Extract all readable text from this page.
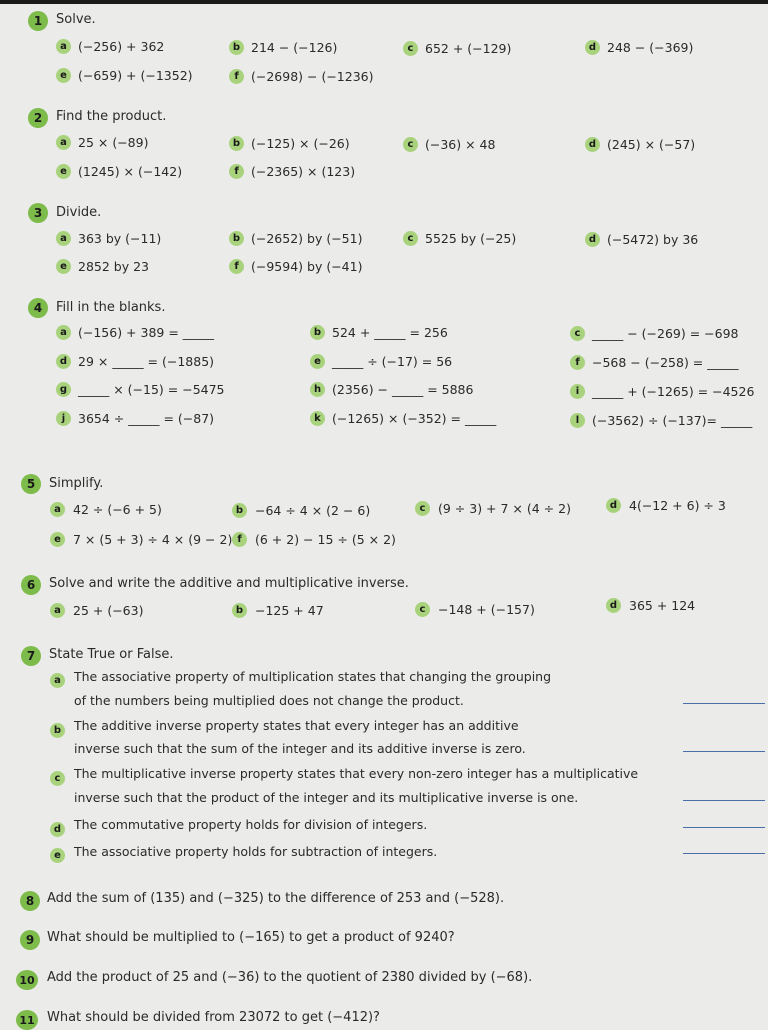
1	Solve.
a (−256) + 362	b 214 − (−126)	c 652 + (−129)	d 248 − (−369)
e (−659) + (−1352)	f (−2698) − (−1236)
2	Find the product.
a 25 × (−89)	b (−125) × (−26)	c (−36) × 48	d (245) × (−57)
e (1245) × (−142)	f (−2365) × (123)
3	Divide.
a 363 by (−11)	b (−2652) by (−51)	c 5525 by (−25)	d (−5472) by 36
e 2852 by 23	f (−9594) by (−41)
4	Fill in the blanks.
a (−156) + 389 = _____	b 524 + _____ = 256	c _____ − (−269) = −698
d 29 × _____ = (−1885)	e _____ ÷ (−17) = 56	f −568 − (−258) = _____
g _____ × (−15) = −5475	h (2356) − _____ = 5886	i	_____ + (−1265) = −4526
j	3654 ÷ _____ = (−87)	k (−1265) × (−352) = _____	l	(−3562) ÷ (−137)= _____
5	Simplify.
a 42 ÷ (−6 + 5)	b −64 ÷ 4 × (2 − 6)	c	(9 ÷ 3) + 7 × (4 ÷ 2)	d 4(−12 + 6) ÷ 3
e 7 × (5 + 3) ÷ 4 × (9 − 2) f	(6 + 2) − 15 ÷ (5 × 2)
6	Solve and write the additive and multiplicative inverse.
a 25 + (−63)	b −125 + 47	c	−148 + (−157)	d 365 + 124
7	State True or False.
a	The associative property of multiplication states that changing the grouping
of the numbers being multiplied does not change the product.
b	The additive inverse property states that every integer has an additive
inverse such that the sum of the integer and its additive inverse is zero.
c	The multiplicative inverse property states that every non-zero integer has a multiplicative
inverse such that the product of the integer and its multiplicative inverse is one.
d	The commutative property holds for division of integers.
e	The associative property holds for subtraction of integers.
8 Add the sum of (135) and (−325) to the difference of 253 and (−528).
9 What should be multiplied to (−165) to get a product of 9240?
10 Add the product of 25 and (−36) to the quotient of 2380 divided by (−68).
11 What should be divided from 23072 to get (−412)?
